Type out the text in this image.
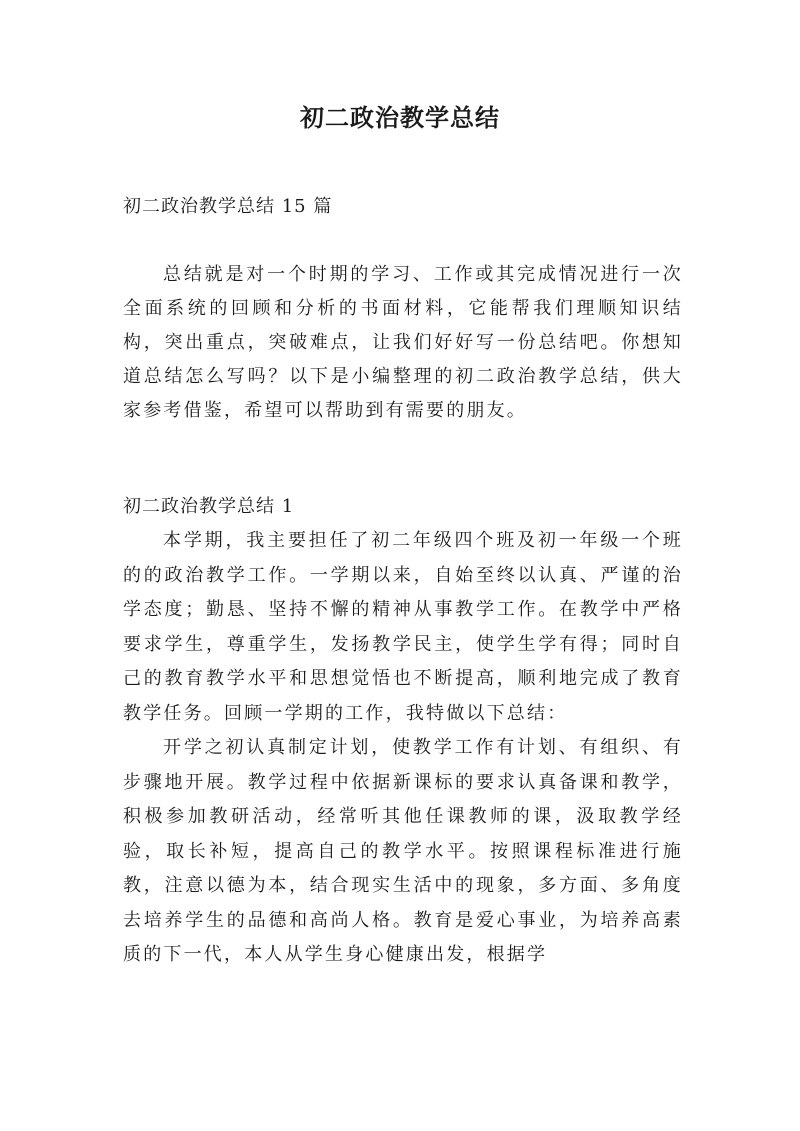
初二政治教学总结
初二政治教学总结 15 篇

总结就是对一个时期的学习、工作或其完成情况进行一次全面系统的回顾和分析的书面材料，它能帮我们理顺知识结构，突出重点，突破难点，让我们好好写一份总结吧。你想知道总结怎么写吗？以下是小编整理的初二政治教学总结，供大家参考借鉴，希望可以帮助到有需要的朋友。

初二政治教学总结 1

本学期，我主要担任了初二年级四个班及初一年级一个班的的政治教学工作。一学期以来，自始至终以认真、严谨的治学态度；勤恳、坚持不懈的精神从事教学工作。在教学中严格要求学生，尊重学生，发扬教学民主，使学生学有得；同时自己的教育教学水平和思想觉悟也不断提高，顺利地完成了教育教学任务。回顾一学期的工作，我特做以下总结：

开学之初认真制定计划，使教学工作有计划、有组织、有步骤地开展。教学过程中依据新课标的要求认真备课和教学，积极参加教研活动，经常听其他任课教师的课，汲取教学经验，取长补短，提高自己的教学水平。按照课程标准进行施教，注意以德为本，结合现实生活中的现象，多方面、多角度去培养学生的品德和高尚人格。教育是爱心事业，为培养高素质的下一代，本人从学生身心健康出发，根据学
